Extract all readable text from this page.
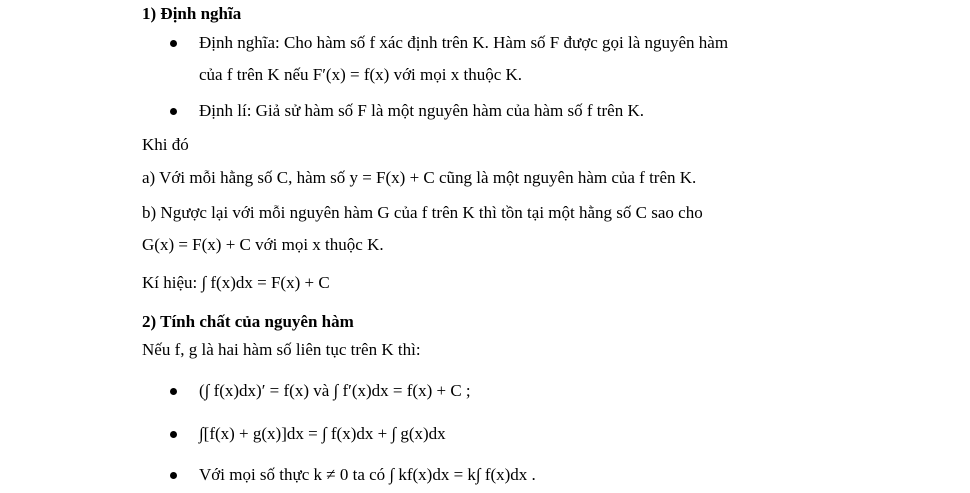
1) Định nghĩa
Định nghĩa: Cho hàm số f xác định trên K. Hàm số F được gọi là nguyên hàm
của f trên K nếu F′(x) = f(x) với mọi x thuộc K.
Định lí: Giả sử hàm số F là một nguyên hàm của hàm số f trên K.
Khi đó
a) Với mỗi hằng số C, hàm số y = F(x) + C cũng là một nguyên hàm của f trên K.
b) Ngược lại với mỗi nguyên hàm G của f trên K thì tồn tại một hằng số C sao cho
G(x) = F(x) + C với mọi x thuộc K.
Kí hiệu: ∫ f(x)dx = F(x) + C
2) Tính chất của nguyên hàm
Nếu f, g là hai hàm số liên tục trên K thì:
(∫ f(x)dx)′ = f(x) và ∫ f′(x)dx = f(x) + C ;
∫[f(x) + g(x)]dx = ∫ f(x)dx + ∫ g(x)dx
Với mọi số thực k ≠ 0 ta có ∫ kf(x)dx = k∫ f(x)dx .
